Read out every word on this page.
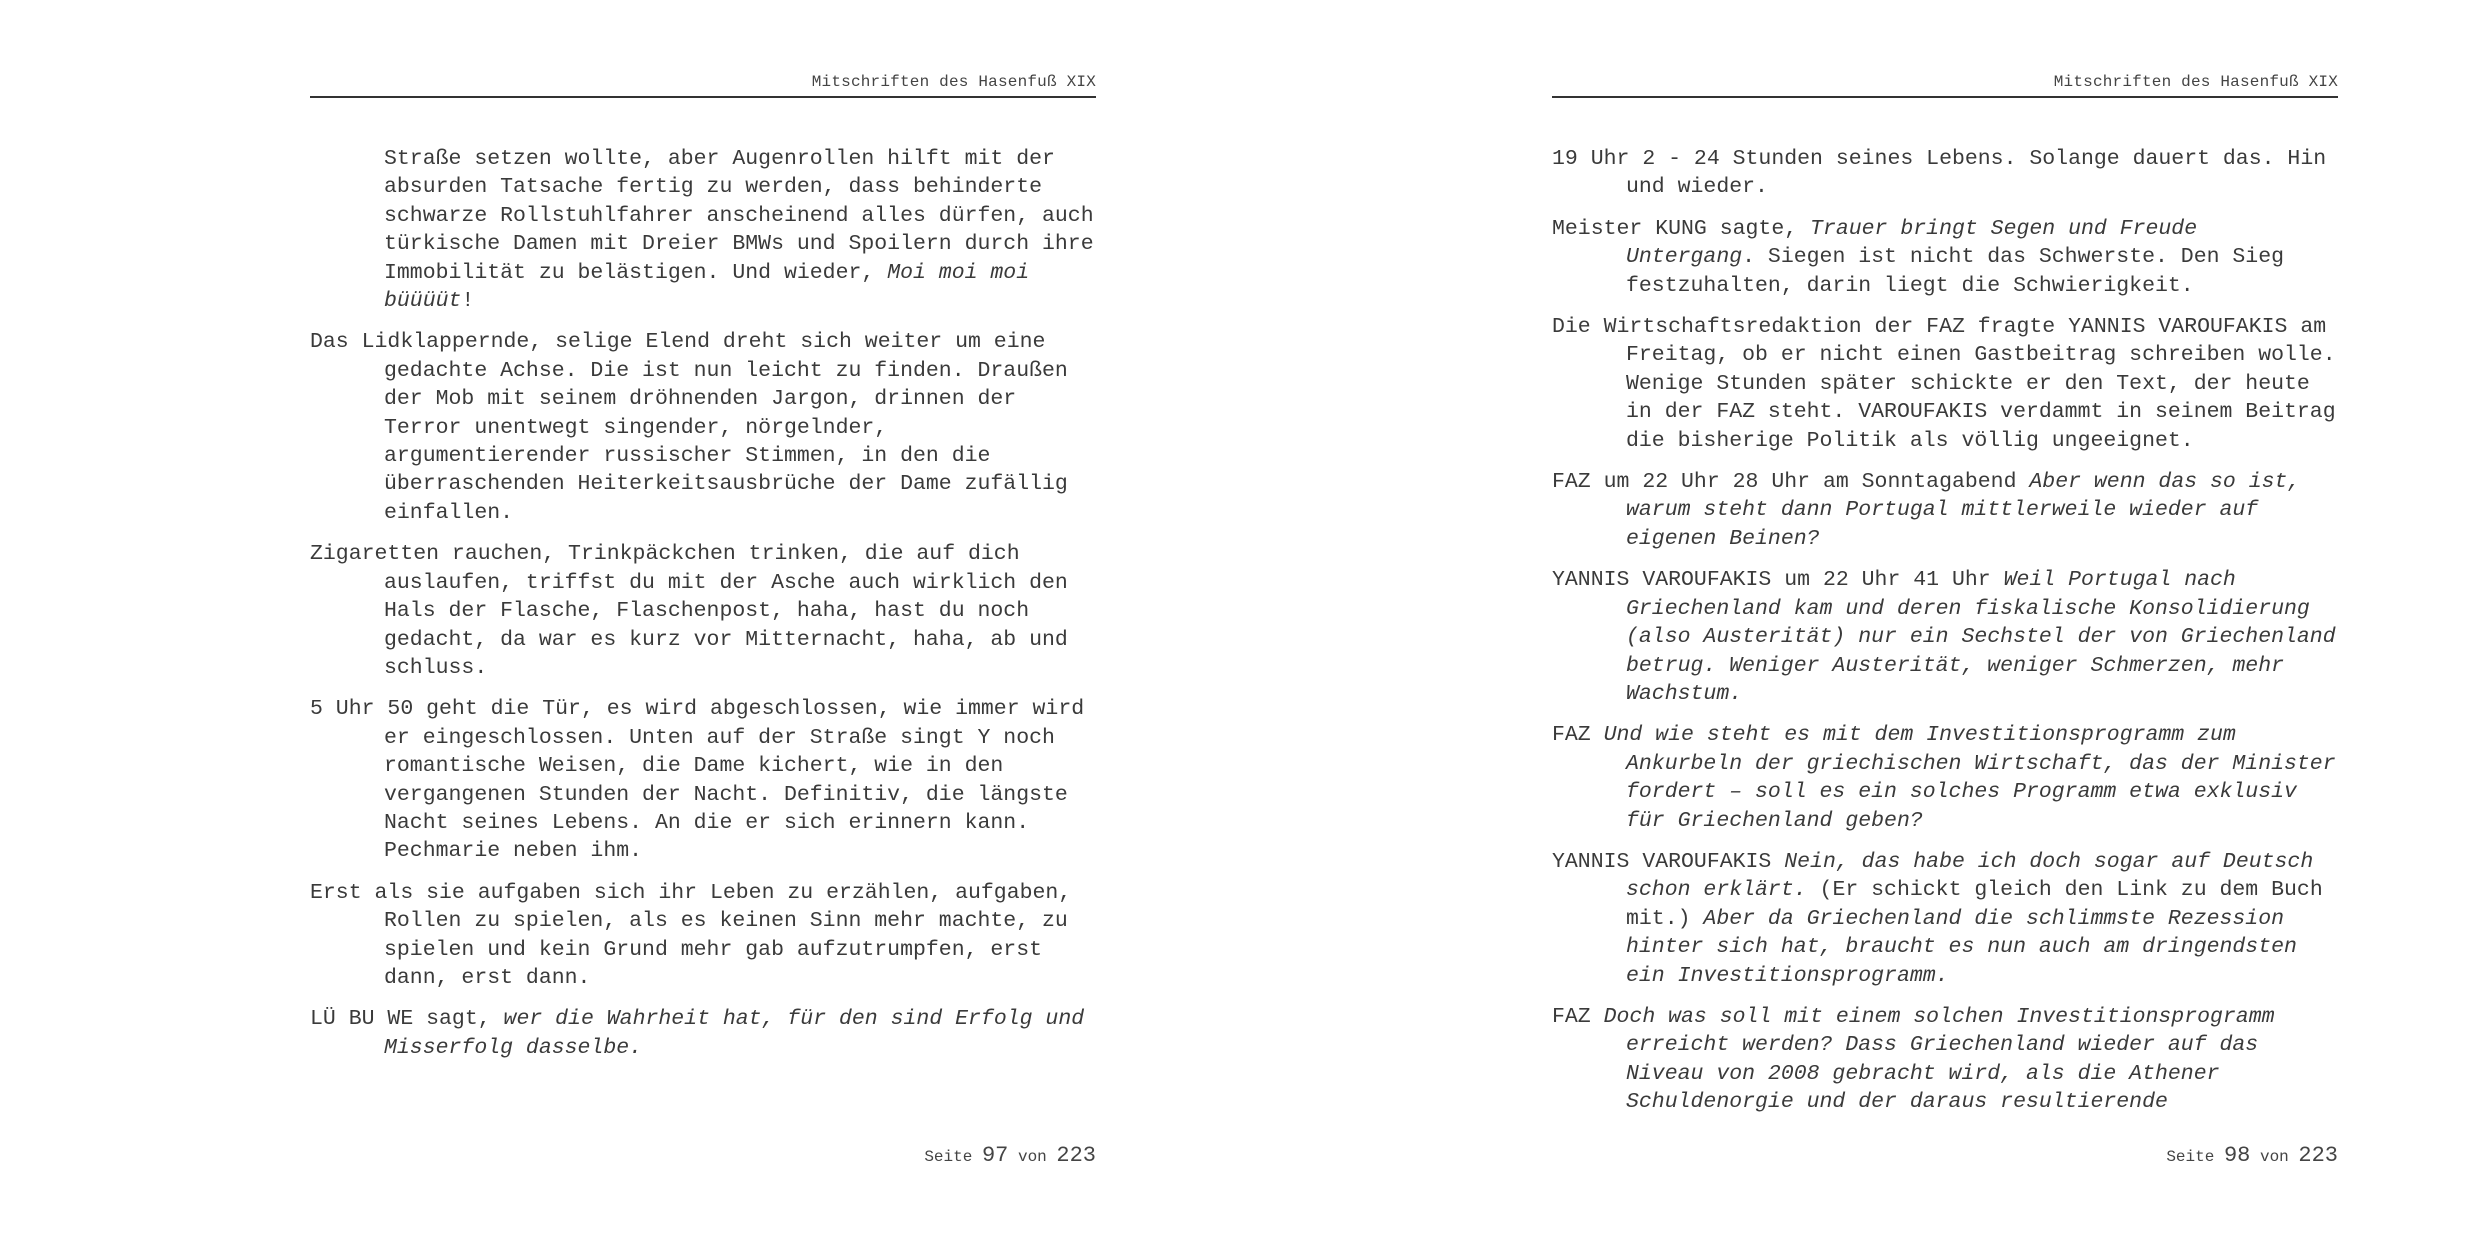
Mitschriften des Hasenfuß XIX

Straße setzen wollte, aber Augenrollen hilft mit der absurden Tatsache fertig zu werden, dass behinderte schwarze Rollstuhlfahrer anscheinend alles dürfen, auch türkische Damen mit Dreier BMWs und Spoilern durch ihre Immobilität zu belästigen. Und wieder, Moi moi moi büüüüt!

Das Lidklappernde, selige Elend dreht sich weiter um eine gedachte Achse. Die ist nun leicht zu finden. Draußen der Mob mit seinem dröhnenden Jargon, drinnen der Terror unentwegt singender, nörgelnder, argumentierender russischer Stimmen, in den die überraschenden Heiterkeitsausbrüche der Dame zufällig einfallen.

Zigaretten rauchen, Trinkpäckchen trinken, die auf dich auslaufen, triffst du mit der Asche auch wirklich den Hals der Flasche, Flaschenpost, haha, hast du noch gedacht, da war es kurz vor Mitternacht, haha, ab und schluss.

5 Uhr 50 geht die Tür, es wird abgeschlossen, wie immer wird er eingeschlossen. Unten auf der Straße singt Y noch romantische Weisen, die Dame kichert, wie in den vergangenen Stunden der Nacht. Definitiv, die längste Nacht seines Lebens. An die er sich erinnern kann. Pechmarie neben ihm.

Erst als sie aufgaben sich ihr Leben zu erzählen, aufgaben, Rollen zu spielen, als es keinen Sinn mehr machte, zu spielen und kein Grund mehr gab aufzutrumpfen, erst dann, erst dann.

LÜ BU WE sagt, wer die Wahrheit hat, für den sind Erfolg und Misserfolg dasselbe.

Seite 97 von 223
Mitschriften des Hasenfuß XIX

19 Uhr 2 - 24 Stunden seines Lebens. Solange dauert das. Hin und wieder.

Meister KUNG sagte, Trauer bringt Segen und Freude Untergang. Siegen ist nicht das Schwerste. Den Sieg festzuhalten, darin liegt die Schwierigkeit.

Die Wirtschaftsredaktion der FAZ fragte YANNIS VAROUFAKIS am Freitag, ob er nicht einen Gastbeitrag schreiben wolle. Wenige Stunden später schickte er den Text, der heute in der FAZ steht. VAROUFAKIS verdammt in seinem Beitrag die bisherige Politik als völlig ungeeignet.

FAZ um 22 Uhr 28 Uhr am Sonntagabend Aber wenn das so ist, warum steht dann Portugal mittlerweile wieder auf eigenen Beinen?

YANNIS VAROUFAKIS um 22 Uhr 41 Uhr Weil Portugal nach Griechenland kam und deren fiskalische Konsolidierung (also Austerität) nur ein Sechstel der von Griechenland betrug. Weniger Austerität, weniger Schmerzen, mehr Wachstum.

FAZ Und wie steht es mit dem Investitionsprogramm zum Ankurbeln der griechischen Wirtschaft, das der Minister fordert – soll es ein solches Programm etwa exklusiv für Griechenland geben?

YANNIS VAROUFAKIS Nein, das habe ich doch sogar auf Deutsch schon erklärt. (Er schickt gleich den Link zu dem Buch mit.) Aber da Griechenland die schlimmste Rezession hinter sich hat, braucht es nun auch am dringendsten ein Investitionsprogramm.

FAZ Doch was soll mit einem solchen Investitionsprogramm erreicht werden? Dass Griechenland wieder auf das Niveau von 2008 gebracht wird, als die Athener Schuldenorgie und der daraus resultierende

Seite 98 von 223
